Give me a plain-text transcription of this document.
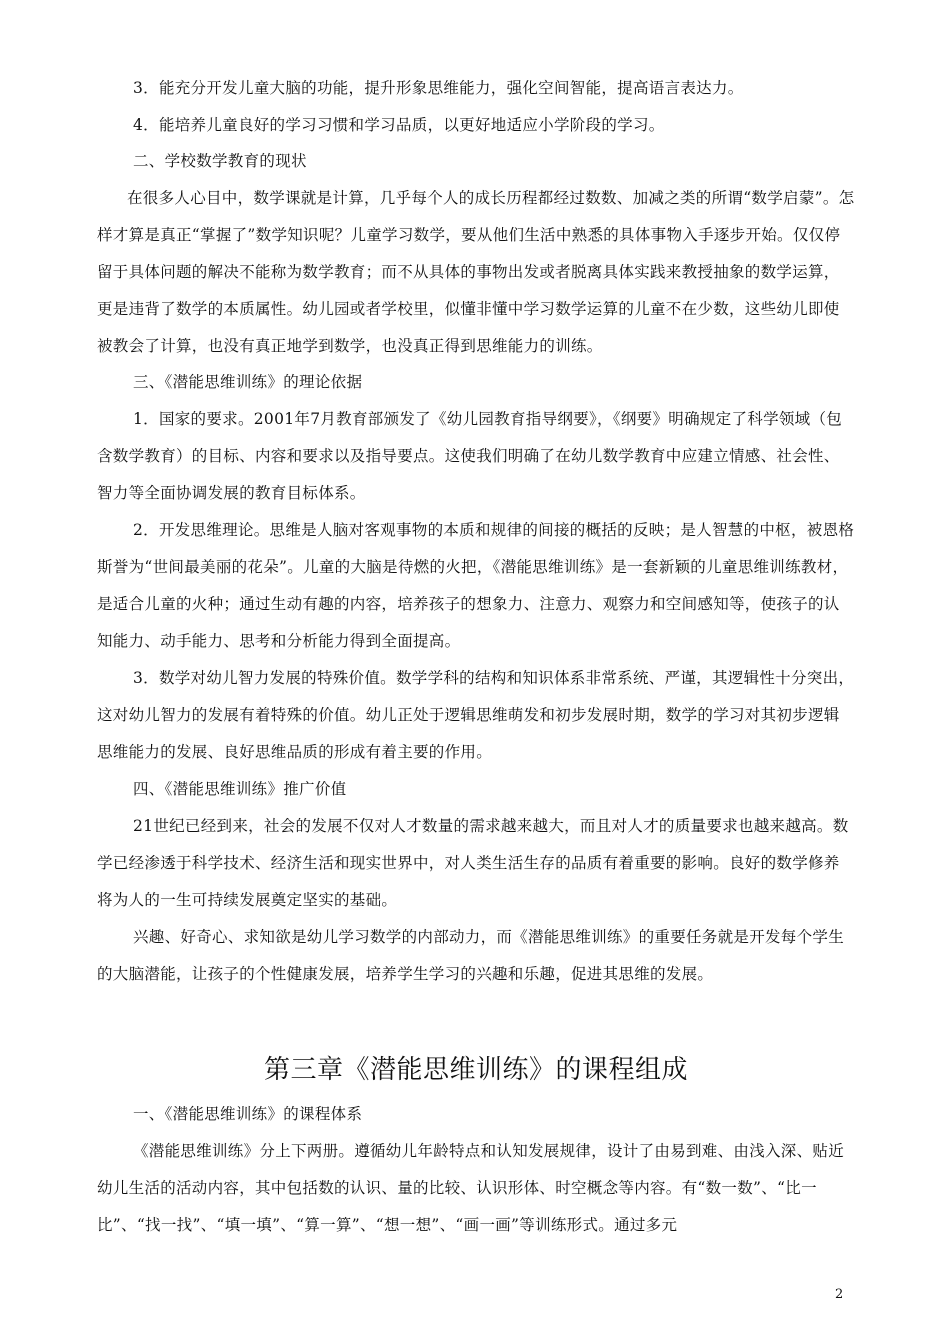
3．能充分开发儿童大脑的功能，提升形象思维能力，强化空间智能，提高语言表达力。

4．能培养儿童良好的学习习惯和学习品质，以更好地适应小学阶段的学习。

二、学校数学教育的现状

在很多人心目中，数学课就是计算，几乎每个人的成长历程都经过数数、加减之类的所谓“数学启蒙”。怎样才算是真正“掌握了”数学知识呢？儿童学习数学，要从他们生活中熟悉的具体事物入手逐步开始。仅仅停留于具体问题的解决不能称为数学教育；而不从具体的事物出发或者脱离具体实践来教授抽象的数学运算，更是违背了数学的本质属性。幼儿园或者学校里，似懂非懂中学习数学运算的儿童不在少数，这些幼儿即使被教会了计算，也没有真正地学到数学，也没真正得到思维能力的训练。

三、《潜能思维训练》的理论依据

1．国家的要求。2001年7月教育部颁发了《幼儿园教育指导纲要》，《纲要》明确规定了科学领域（包含数学教育）的目标、内容和要求以及指导要点。这使我们明确了在幼儿数学教育中应建立情感、社会性、智力等全面协调发展的教育目标体系。

2．开发思维理论。思维是人脑对客观事物的本质和规律的间接的概括的反映；是人智慧的中枢，被恩格斯誉为“世间最美丽的花朵”。儿童的大脑是待燃的火把，《潜能思维训练》是一套新颖的儿童思维训练教材，是适合儿童的火种；通过生动有趣的内容，培养孩子的想象力、注意力、观察力和空间感知等，使孩子的认知能力、动手能力、思考和分析能力得到全面提高。

3．数学对幼儿智力发展的特殊价值。数学学科的结构和知识体系非常系统、严谨，其逻辑性十分突出，这对幼儿智力的发展有着特殊的价值。幼儿正处于逻辑思维萌发和初步发展时期，数学的学习对其初步逻辑思维能力的发展、良好思维品质的形成有着主要的作用。

四、《潜能思维训练》推广价值

21世纪已经到来，社会的发展不仅对人才数量的需求越来越大，而且对人才的质量要求也越来越高。数学已经渗透于科学技术、经济生活和现实世界中，对人类生活生存的品质有着重要的影响。良好的数学修养将为人的一生可持续发展奠定坚实的基础。

兴趣、好奇心、求知欲是幼儿学习数学的内部动力，而《潜能思维训练》的重要任务就是开发每个学生的大脑潜能，让孩子的个性健康发展，培养学生学习的兴趣和乐趣，促进其思维的发展。

第三章《潜能思维训练》的课程组成

一、《潜能思维训练》的课程体系

《潜能思维训练》分上下两册。遵循幼儿年龄特点和认知发展规律，设计了由易到难、由浅入深、贴近幼儿生活的活动内容，其中包括数的认识、量的比较、认识形体、时空概念等内容。有“数一数”、“比一比”、“找一找”、“填一填”、“算一算”、“想一想”、“画一画”等训练形式。通过多元

2
